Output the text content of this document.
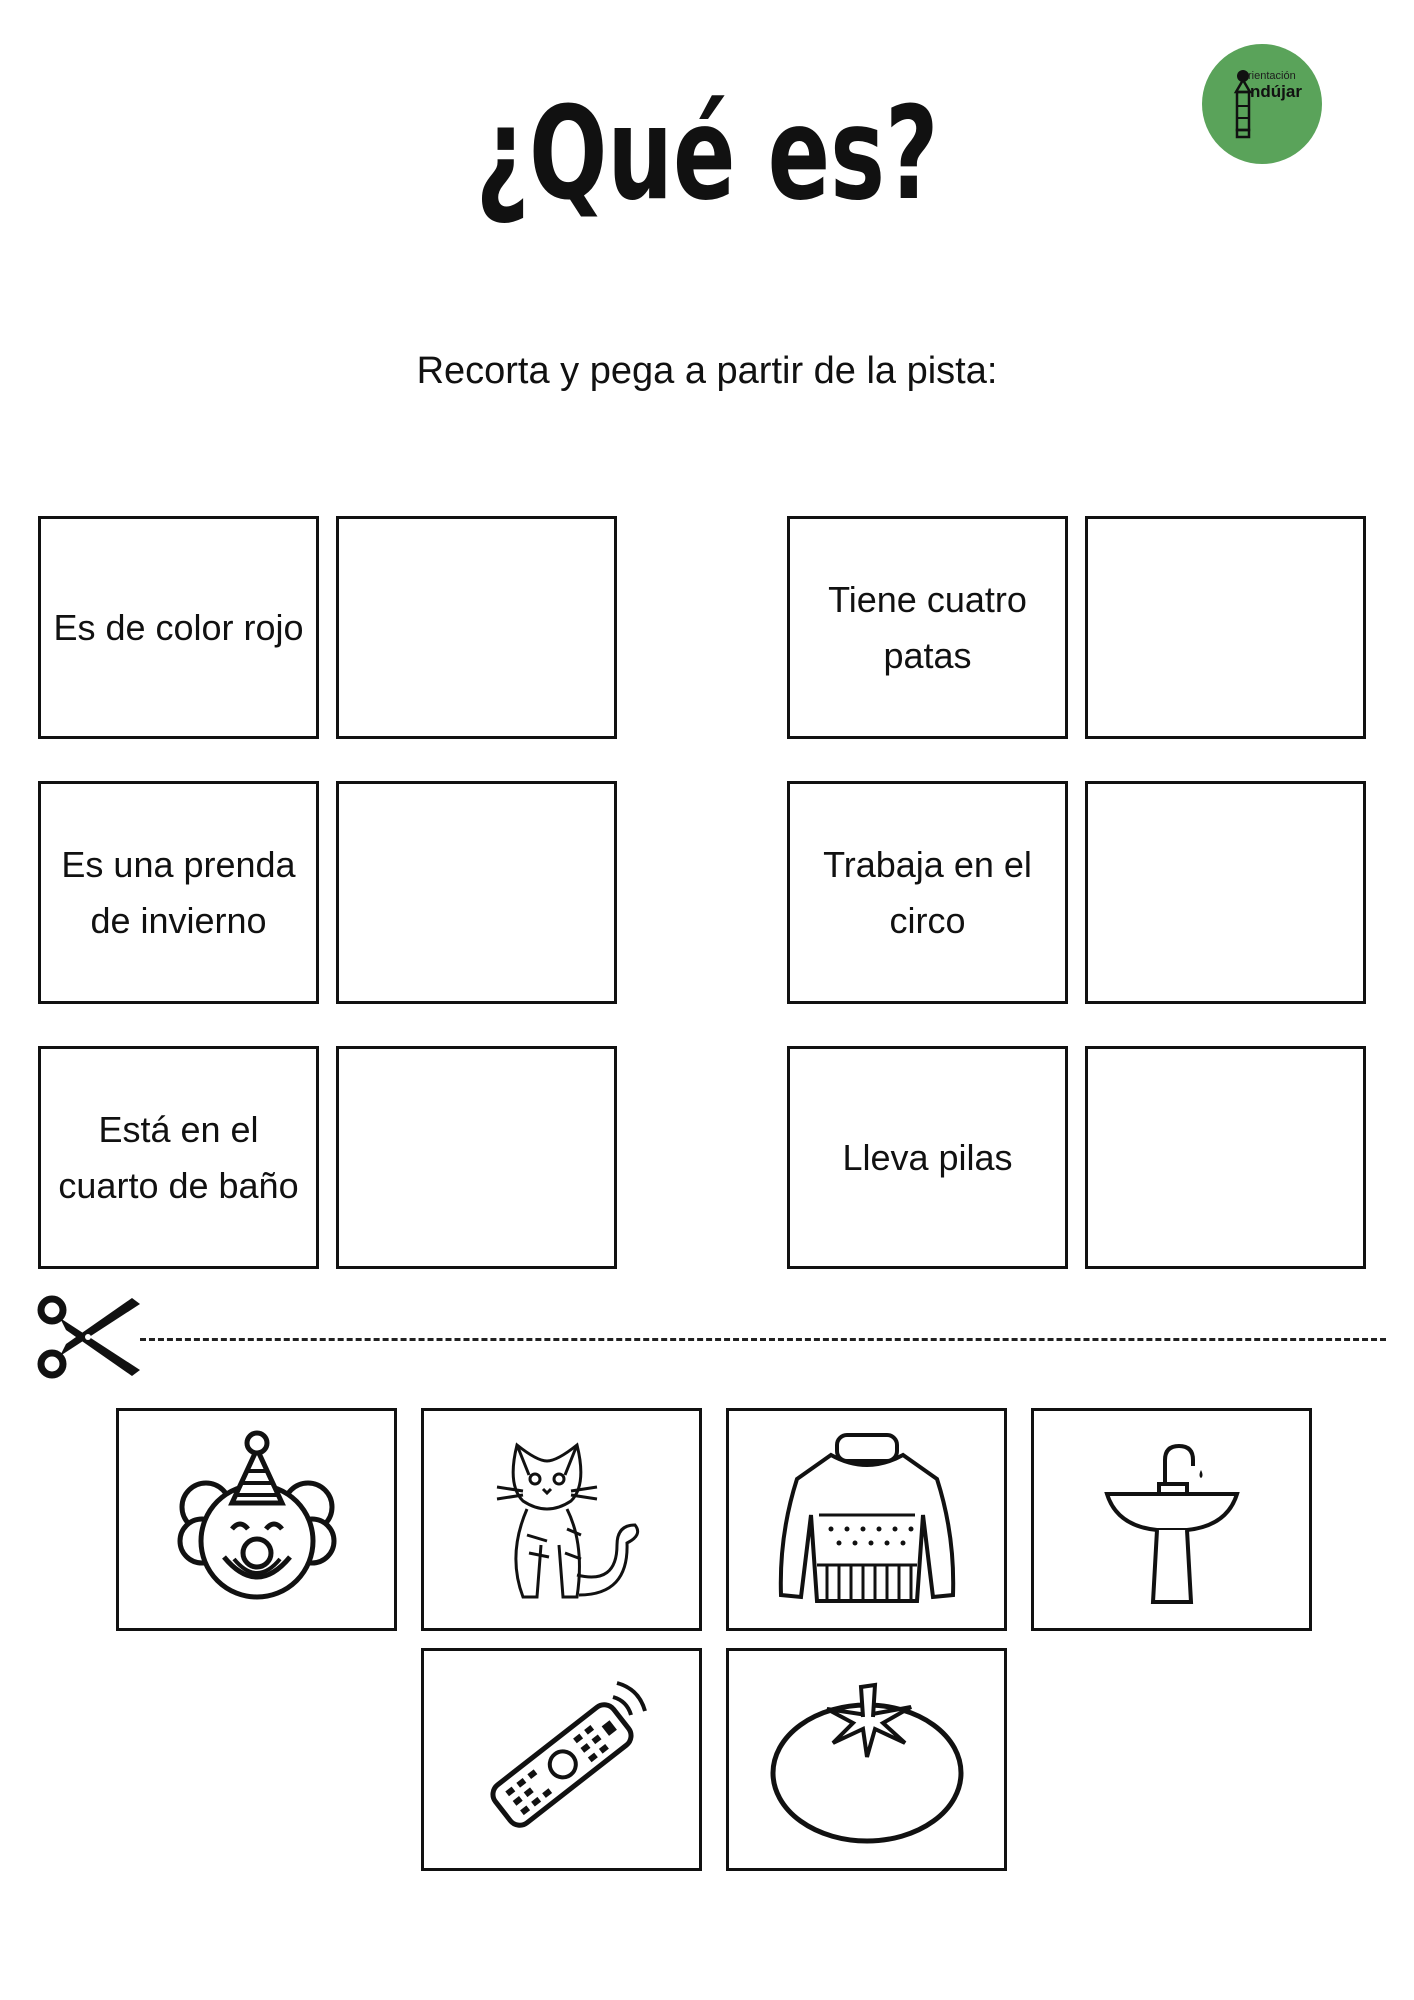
¿Qué es?
rientación
ndújar
Recorta y pega a partir de la pista:
Es de color rojo
Es una prenda
de invierno
Está en el
cuarto de baño
Tiene cuatro
patas
Trabaja en el
circo
Lleva pilas
